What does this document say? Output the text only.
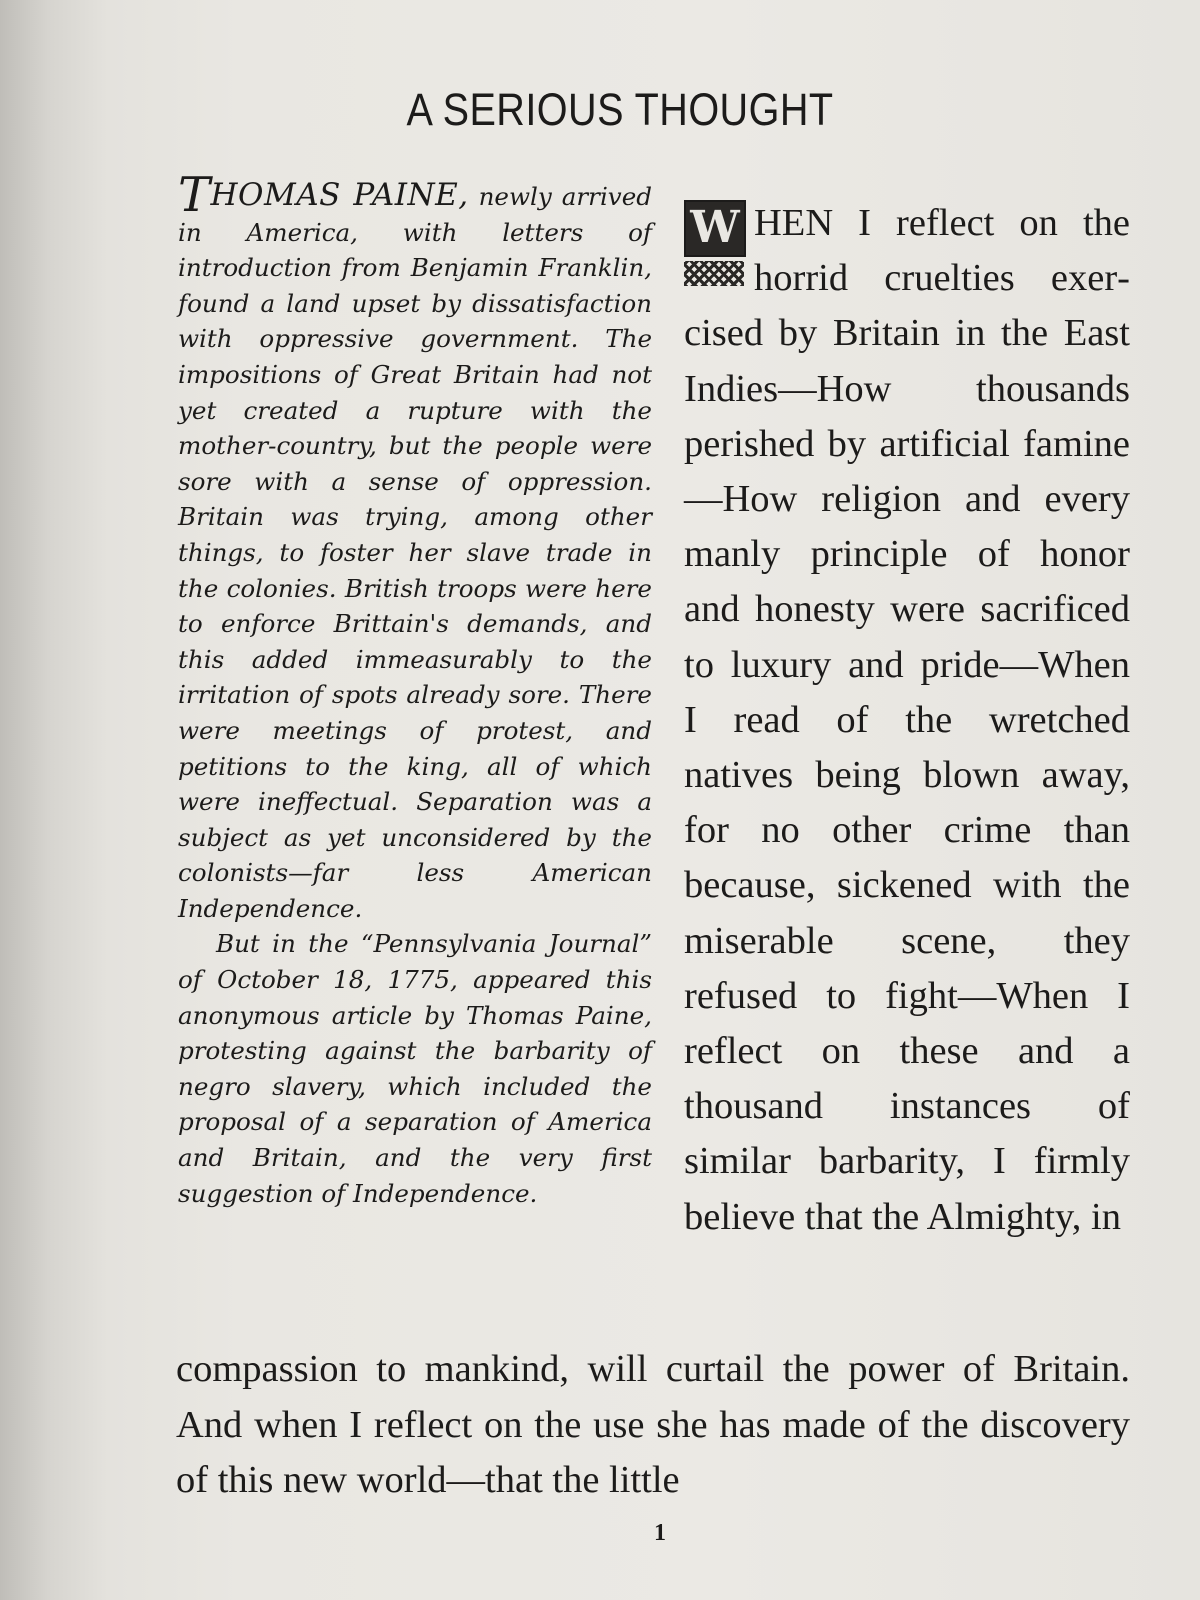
A SERIOUS THOUGHT

THOMAS PAINE, newly arrived in America, with letters of introduction from Benjamin Franklin, found a land upset by dissatisfaction with oppressive government. The impositions of Great Britain had not yet created a rupture with the mother-country, but the people were sore with a sense of oppression. Britain was trying, among other things, to foster her slave trade in the colonies. British troops were here to enforce Brittain's demands, and this added immeasurably to the irritation of spots already sore. There were meetings of protest, and petitions to the king, all of which were ineffectual. Separation was a subject as yet unconsidered by the colonists—far less American Independence.

But in the “Pennsylvania Journal” of October 18, 1775, appeared this anonymous article by Thomas Paine, protesting against the barbarity of negro slavery, which included the proposal of a separation of America and Britain, and the very first suggestion of Independence.

W HEN I reflect on the horrid cruelties exercised by Britain in the East Indies—How thousands perished by artificial famine—How religion and every manly principle of honor and honesty were sacrificed to luxury and pride—When I read of the wretched natives being blown away, for no other crime than because, sickened with the miserable scene, they refused to fight—When I reflect on these and a thousand instances of similar barbarity, I firmly believe that the Almighty, in

compassion to mankind, will curtail the power of Britain. And when I reflect on the use she has made of the discovery of this new world—that the little

1
